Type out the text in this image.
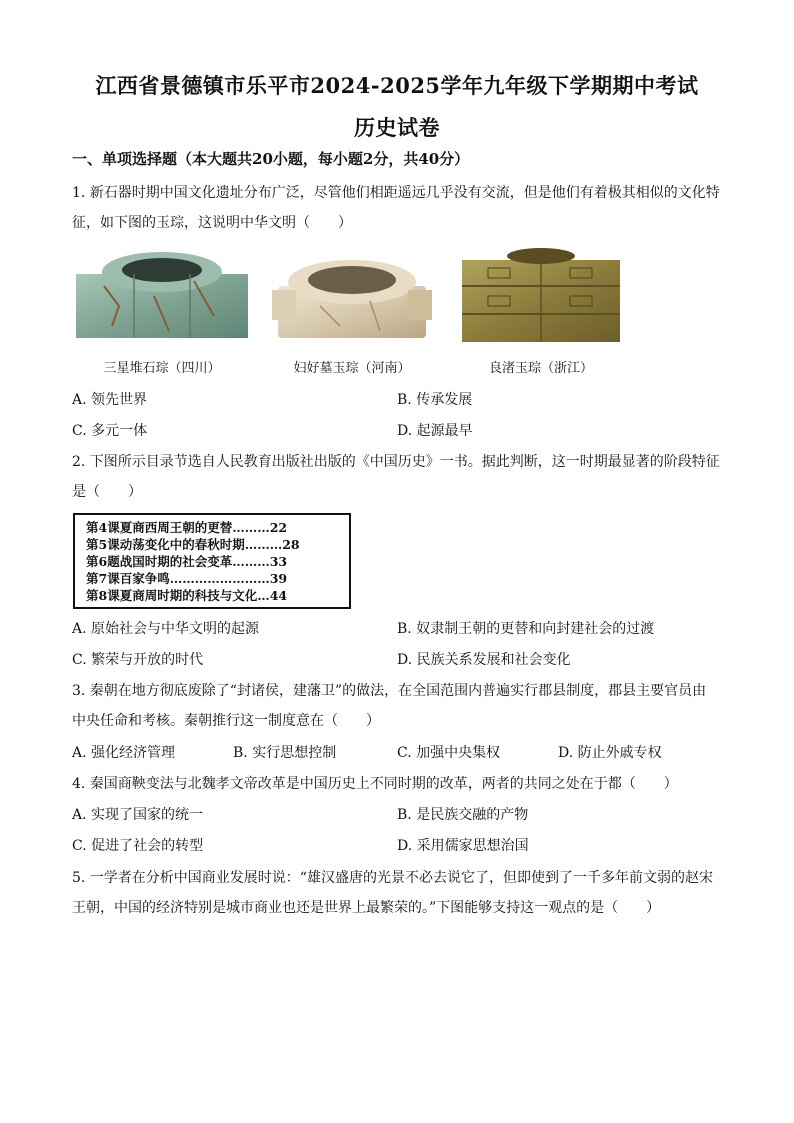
江西省景德镇市乐平市2024-2025学年九年级下学期期中考试
历史试卷
一、单项选择题（本大题共20小题，每小题2分，共40分）
1. 新石器时期中国文化遗址分布广泛，尽管他们相距遥远几乎没有交流，但是他们有着极其相似的文化特
征，如下图的玉琮，这说明中华文明（　　）
三星堆石琮（四川）	妇好墓玉琮（河南）	良渚玉琮（浙江）
A. 领先世界	B. 传承发展
C. 多元一体	D. 起源最早
2. 下图所示目录节选自人民教育出版社出版的《中国历史》一书。据此判断，这一时期最显著的阶段特征
是（　　）
第4课夏商西周王朝的更替………22
第5课动荡变化中的春秋时期………28
第6题战国时期的社会变革………33
第7课百家争鸣……………………39
第8课夏商周时期的科技与文化…44
A. 原始社会与中华文明的起源	B. 奴隶制王朝的更替和向封建社会的过渡
C. 繁荣与开放的时代	D. 民族关系发展和社会变化
3. 秦朝在地方彻底废除了“封诸侯，建藩卫”的做法，在全国范围内普遍实行郡县制度，郡县主要官员由
中央任命和考核。秦朝推行这一制度意在（　　）
A. 强化经济管理	B. 实行思想控制	C. 加强中央集权	D. 防止外戚专权
4. 秦国商鞅变法与北魏孝文帝改革是中国历史上不同时期的改革，两者的共同之处在于都（　　）
A. 实现了国家的统一	B. 是民族交融的产物
C. 促进了社会的转型	D. 采用儒家思想治国
5. 一学者在分析中国商业发展时说：“雄汉盛唐的光景不必去说它了，但即使到了一千多年前文弱的赵宋
王朝，中国的经济特别是城市商业也还是世界上最繁荣的。”下图能够支持这一观点的是（　　）
